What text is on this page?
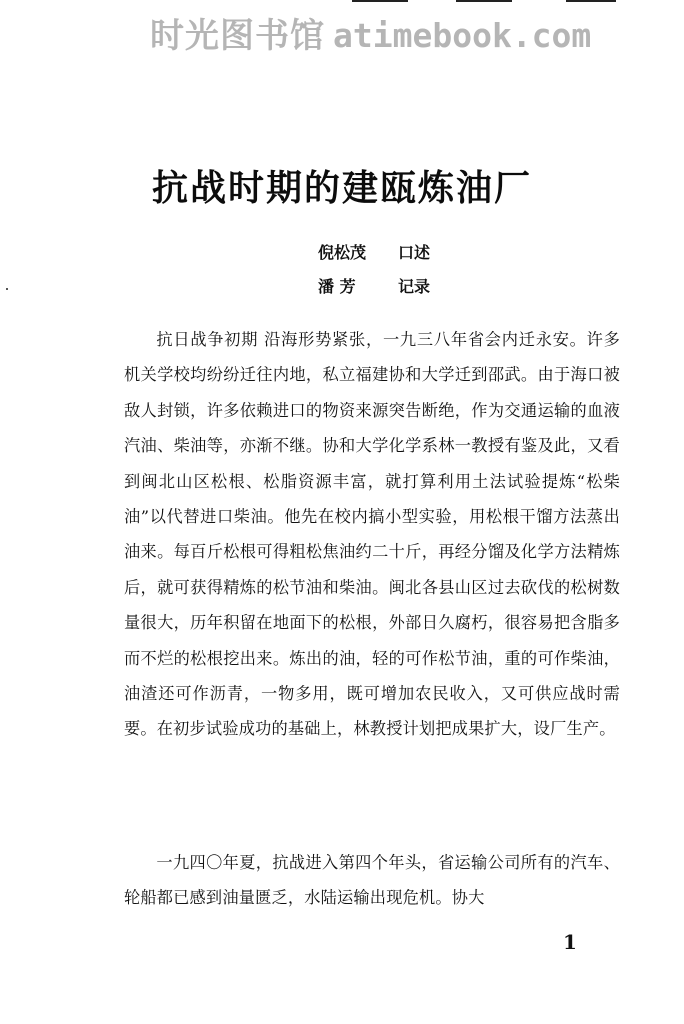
时光图书馆 atimebook.com
抗战时期的建瓯炼油厂
倪松茂 口述
潘 芳	记录

抗日战争初期 沿海形势紧张，一九三八年省会内迁永安。许多机关学校均纷纷迁往内地，私立福建协和大学迁到邵武。由于海口被敌人封锁，许多依赖进口的物资来源突告断绝，作为交通运输的血液汽油、柴油等，亦渐不继。协和大学化学系林一教授有鉴及此，又看到闽北山区松根、松脂资源丰富，就打算利用土法试验提炼“松柴油”以代替进口柴油。他先在校内搞小型实验，用松根干馏方法蒸出油来。每百斤松根可得粗松焦油约二十斤，再经分馏及化学方法精炼后，就可获得精炼的松节油和柴油。闽北各县山区过去砍伐的松树数量很大，历年积留在地面下的松根，外部日久腐朽，很容易把含脂多而不烂的松根挖出来。炼出的油，轻的可作松节油，重的可作柴油，油渣还可作沥青，一物多用，既可增加农民收入，又可供应战时需要。在初步试验成功的基础上，林教授计划把成果扩大，设厂生产。

一九四〇年夏，抗战进入第四个年头，省运输公司所有的汽车、轮船都已感到油量匮乏，水陆运输出现危机。协大

1
